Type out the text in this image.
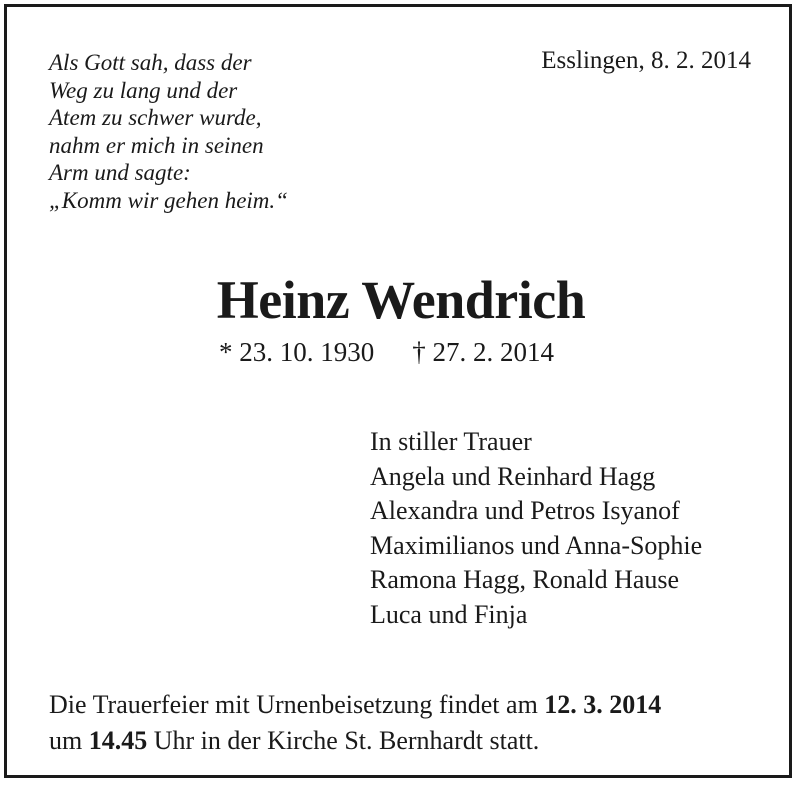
Als Gott sah, dass der
Weg zu lang und der
Atem zu schwer wurde,
nahm er mich in seinen
Arm und sagte:
„Komm wir gehen heim.“
Esslingen, 8. 2. 2014
Heinz Wendrich
* 23. 10. 1930 † 27. 2. 2014
In stiller Trauer
Angela und Reinhard Hagg
Alexandra und Petros Isyanof
Maximilianos und Anna-Sophie
Ramona Hagg, Ronald Hause
Luca und Finja
Die Trauerfeier mit Urnenbeisetzung findet am 12. 3. 2014
um 14.45 Uhr in der Kirche St. Bernhardt statt.
